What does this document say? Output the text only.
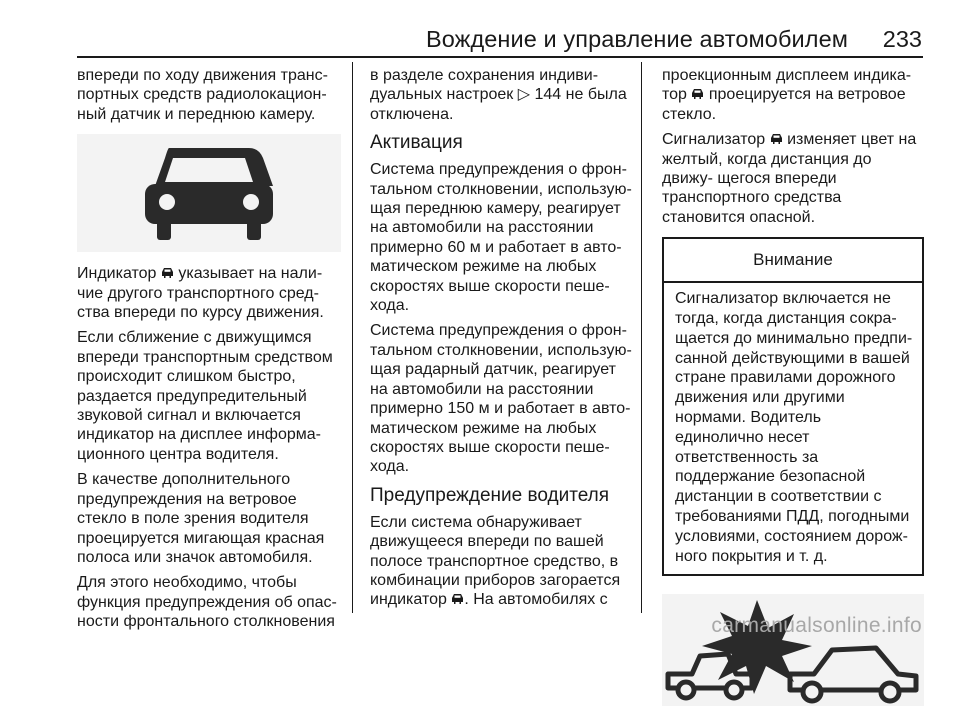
Вождение и управление автомобилем 233

впереди по ходу движения транс- портных средств радиолокацион- ный датчик и переднюю камеру.

Индикатор указывает на нали- чие другого транспортного сред- ства впереди по курсу движения.

Если сближение с движущимся впереди транспортным средством происходит слишком быстро, раздается предупредительный звуковой сигнал и включается индикатор на дисплее информа- ционного центра водителя.

В качестве дополнительного предупреждения на ветровое стекло в поле зрения водителя проецируется мигающая красная полоса или значок автомобиля.

Для этого необходимо, чтобы функция предупреждения об опас- ности фронтального столкновения

в разделе сохранения индиви- дуальных настроек ▷ 144 не была отключена.

Активация

Система предупреждения о фрон- тальном столкновении, использую- щая переднюю камеру, реагирует на автомобили на расстоянии примерно 60 м и работает в авто- матическом режиме на любых скоростях выше скорости пеше- хода.

Система предупреждения о фрон- тальном столкновении, использую- щая радарный датчик, реагирует на автомобили на расстоянии примерно 150 м и работает в авто- матическом режиме на любых скоростях выше скорости пеше- хода.

Предупреждение водителя

Если система обнаруживает движущееся впереди по вашей полосе транспортное средство, в комбинации приборов загорается индикатор . На автомобилях с

проекционным дисплеем индика- тор проецируется на ветровое стекло.

Сигнализатор изменяет цвет на желтый, когда дистанция до движу- щегося впереди транспортного средства становится опасной.

Внимание
Сигнализатор включается не тогда, когда дистанция сокра- щается до минимально предпи- санной действующими в вашей стране правилами дорожного движения или другими нормами. Водитель единолично несет ответственность за поддержание безопасной дистанции в соответствии с требованиями ПДД, погодными условиями, состоянием дорож- ного покрытия и т. д.
carmanualsonline.info
